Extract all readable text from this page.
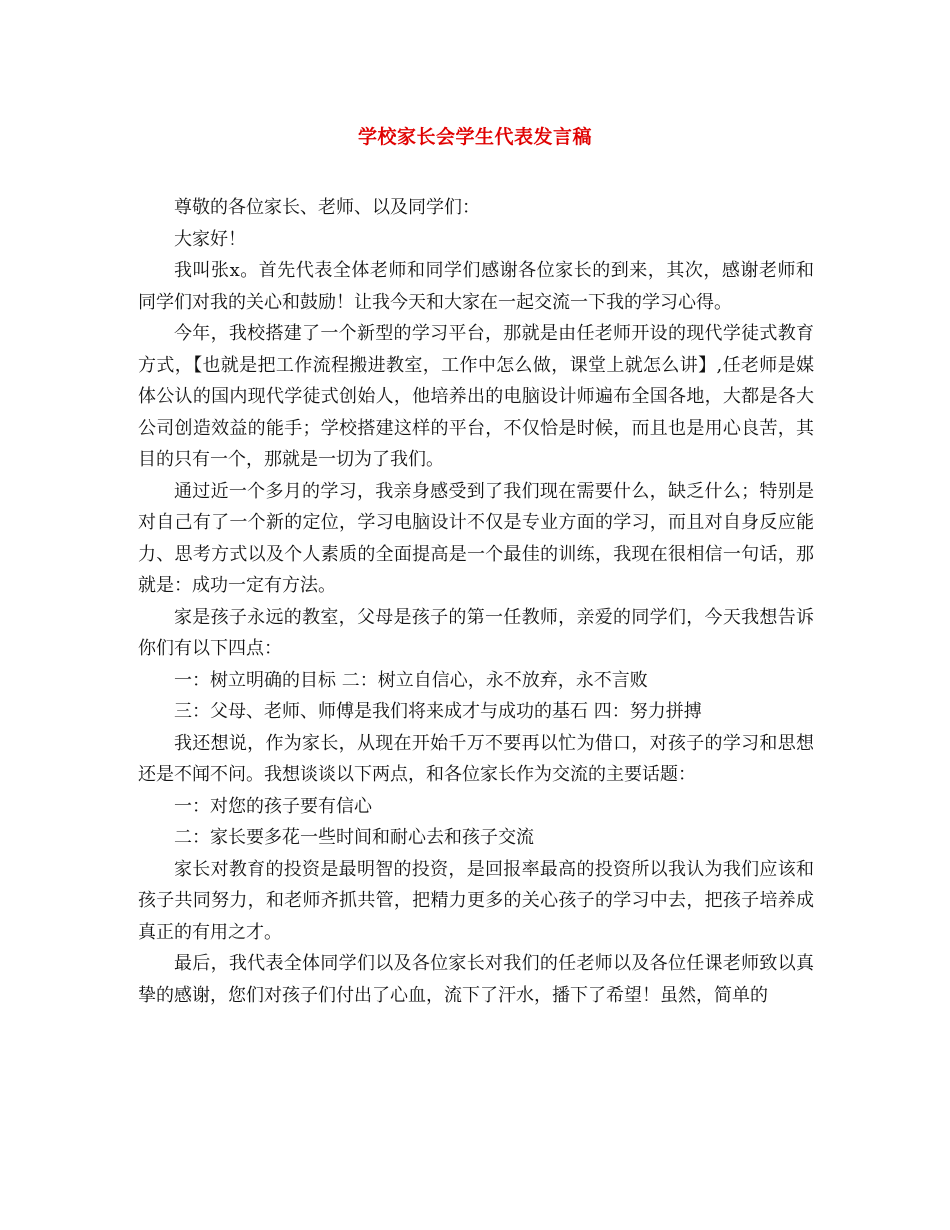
学校家长会学生代表发言稿

尊敬的各位家长、老师、以及同学们：

大家好！

我叫张x。首先代表全体老师和同学们感谢各位家长的到来，其次，感谢老师和同学们对我的关心和鼓励！让我今天和大家在一起交流一下我的学习心得。

今年，我校搭建了一个新型的学习平台，那就是由任老师开设的现代学徒式教育方式，【也就是把工作流程搬进教室，工作中怎么做，课堂上就怎么讲】,任老师是媒体公认的国内现代学徒式创始人，他培养出的电脑设计师遍布全国各地，大都是各大公司创造效益的能手；学校搭建这样的平台，不仅恰是时候，而且也是用心良苦，其目的只有一个，那就是一切为了我们。

通过近一个多月的学习，我亲身感受到了我们现在需要什么，缺乏什么；特别是对自己有了一个新的定位，学习电脑设计不仅是专业方面的学习，而且对自身反应能力、思考方式以及个人素质的全面提高是一个最佳的训练，我现在很相信一句话，那就是：成功一定有方法。

家是孩子永远的教室，父母是孩子的第一任教师，亲爱的同学们，今天我想告诉你们有以下四点：

一：树立明确的目标 二：树立自信心，永不放弃，永不言败

三：父母、老师、师傅是我们将来成才与成功的基石 四：努力拼搏

我还想说，作为家长，从现在开始千万不要再以忙为借口，对孩子的学习和思想还是不闻不问。我想谈谈以下两点，和各位家长作为交流的主要话题：

一：对您的孩子要有信心

二：家长要多花一些时间和耐心去和孩子交流

家长对教育的投资是最明智的投资，是回报率最高的投资所以我认为我们应该和孩子共同努力，和老师齐抓共管，把精力更多的关心孩子的学习中去，把孩子培养成真正的有用之才。

最后，我代表全体同学们以及各位家长对我们的任老师以及各位任课老师致以真挚的感谢，您们对孩子们付出了心血，流下了汗水，播下了希望！虽然，简单的
